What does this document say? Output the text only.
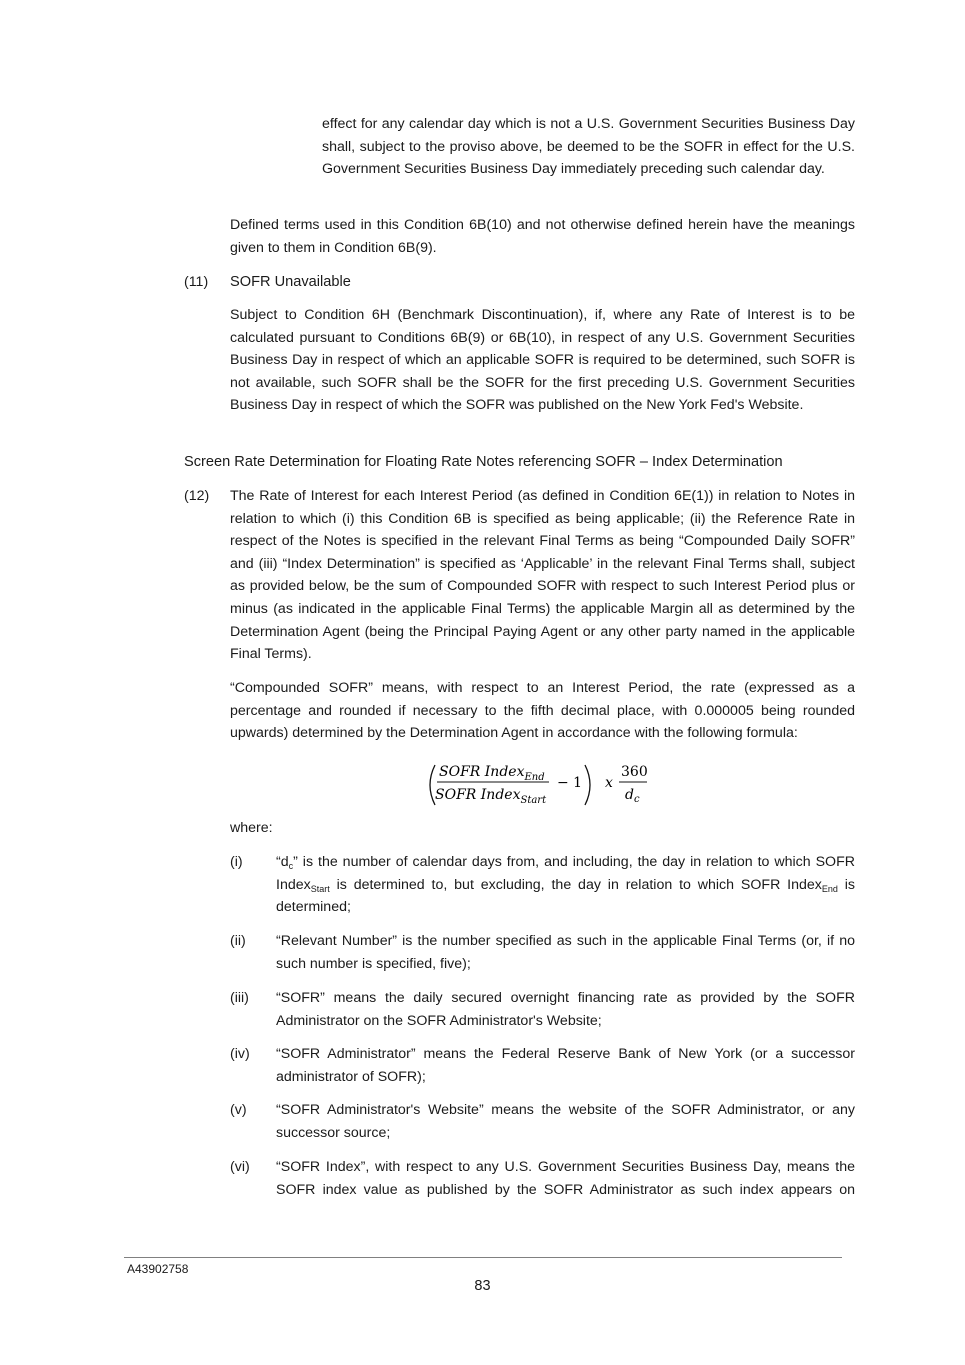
effect for any calendar day which is not a U.S. Government Securities Business Day shall, subject to the proviso above, be deemed to be the SOFR in effect for the U.S. Government Securities Business Day immediately preceding such calendar day.

Defined terms used in this Condition 6B(10) and not otherwise defined herein have the meanings given to them in Condition 6B(9).

(11) SOFR Unavailable

Subject to Condition 6H (Benchmark Discontinuation), if, where any Rate of Interest is to be calculated pursuant to Conditions 6B(9) or 6B(10), in respect of any U.S. Government Securities Business Day in respect of which an applicable SOFR is required to be determined, such SOFR is not available, such SOFR shall be the SOFR for the first preceding U.S. Government Securities Business Day in respect of which the SOFR was published on the New York Fed's Website.

Screen Rate Determination for Floating Rate Notes referencing SOFR – Index Determination

(12) The Rate of Interest for each Interest Period (as defined in Condition 6E(1)) in relation to Notes in relation to which (i) this Condition 6B is specified as being applicable; (ii) the Reference Rate in respect of the Notes is specified in the relevant Final Terms as being “Compounded Daily SOFR” and (iii) “Index Determination” is specified as ‘Applicable’ in the relevant Final Terms shall, subject as provided below, be the sum of Compounded SOFR with respect to such Interest Period plus or minus (as indicated in the applicable Final Terms) the applicable Margin all as determined by the Determination Agent (being the Principal Paying Agent or any other party named in the applicable Final Terms).

“Compounded SOFR” means, with respect to an Interest Period, the rate (expressed as a percentage and rounded if necessary to the fifth decimal place, with 0.000005 being rounded upwards) determined by the Determination Agent in accordance with the following formula:

SOFR Index$_{End}$
SOFR Index$_{Start}$
− 1 x
360
$d_c$

where:

(i) “$d_c$” is the number of calendar days from, and including, the day in relation to which SOFR Index$_{Start}$ is determined to, but excluding, the day in relation to which SOFR Index$_{End}$ is determined;

(ii) “Relevant Number” is the number specified as such in the applicable Final Terms (or, if no such number is specified, five);

(iii) “SOFR” means the daily secured overnight financing rate as provided by the SOFR Administrator on the SOFR Administrator's Website;

(iv) “SOFR Administrator” means the Federal Reserve Bank of New York (or a successor administrator of SOFR);

(v) “SOFR Administrator's Website” means the website of the SOFR Administrator, or any successor source;

(vi) “SOFR Index”, with respect to any U.S. Government Securities Business Day, means the SOFR index value as published by the SOFR Administrator as such index appears on

A43902758
83
